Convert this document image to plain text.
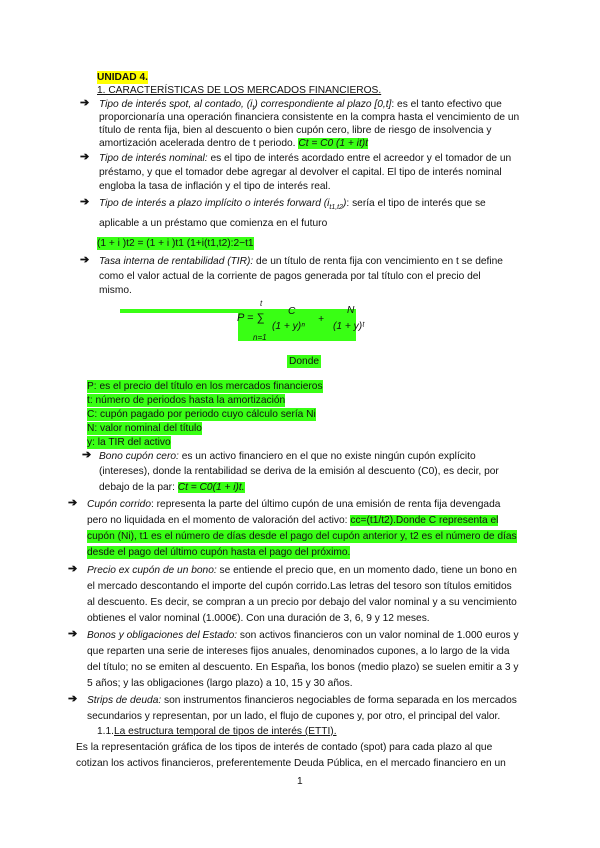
UNIDAD 4.
1. CARACTERÍSTICAS DE LOS MERCADOS FINANCIEROS.
➔ Tipo de interés spot, al contado, $(i_t)$ correspondiente al plazo [0,t]: es el tanto efectivo que
proporcionaría una operación financiera consistente en la compra hasta el vencimiento de un
título de renta fija, bien al descuento o bien cupón cero, libre de riesgo de insolvencia y
amortización acelerada dentro de t periodo. Ct = C0 (1 + it)t
➔ Tipo de interés nominal: es el tipo de interés acordado entre el acreedor y el tomador de un
préstamo, y que el tomador debe agregar al devolver el capital. El tipo de interés nominal
engloba la tasa de inflación y el tipo de interés real.
➔ Tipo de interés a plazo implícito o interés forward $(i_{t1,t2})$: sería el tipo de interés que se
aplicable a un préstamo que comienza en el futuro
(1 + i )t2 = (1 + i )t1 (1+i(t1,t2):2−t1
➔ Tasa interna de rentabilidad (TIR): de un título de renta fija con vencimiento en t se define
como el valor actual de la corriente de pagos generada por tal título con el precio del
mismo.
t
P = ∑
C
(1 + y)ⁿ
+
N
(1 + y)ᵗ
n=1
Donde
P: es el precio del título en los mercados financieros
t: número de periodos hasta la amortización
C: cupón pagado por periodo cuyo cálculo sería Ni
N: valor nominal del título
y: la TIR del activo
➔ Bono cupón cero: es un activo financiero en el que no existe ningún cupón explícito
(intereses), donde la rentabilidad se deriva de la emisión al descuento (C0), es decir, por
debajo de la par: Ct = C0(1 + i)t.
➔ Cupón corrido: representa la parte del último cupón de una emisión de renta fija devengada
pero no liquidada en el momento de valoración del activo: cc=(t1/t2).Donde C representa el
cupón (Ni), t1 es el número de días desde el pago del cupón anterior y, t2 es el número de días
desde el pago del último cupón hasta el pago del próximo.
➔ Precio ex cupón de un bono: se entiende el precio que, en un momento dado, tiene un bono en
el mercado descontando el importe del cupón corrido.Las letras del tesoro son títulos emitidos
al descuento. Es decir, se compran a un precio por debajo del valor nominal y a su vencimiento
obtienes el valor nominal (1.000€). Con una duración de 3, 6, 9 y 12 meses.
➔ Bonos y obligaciones del Estado: son activos financieros con un valor nominal de 1.000 euros y
que reparten una serie de intereses fijos anuales, denominados cupones, a lo largo de la vida
del título; no se emiten al descuento. En España, los bonos (medio plazo) se suelen emitir a 3 y
5 años; y las obligaciones (largo plazo) a 10, 15 y 30 años.
➔ Strips de deuda: son instrumentos financieros negociables de forma separada en los mercados
secundarios y representan, por un lado, el flujo de cupones y, por otro, el principal del valor.
1.1.La estructura temporal de tipos de interés (ETTI).
Es la representación gráfica de los tipos de interés de contado (spot) para cada plazo al que
cotizan los activos financieros, preferentemente Deuda Pública, en el mercado financiero en un
1
